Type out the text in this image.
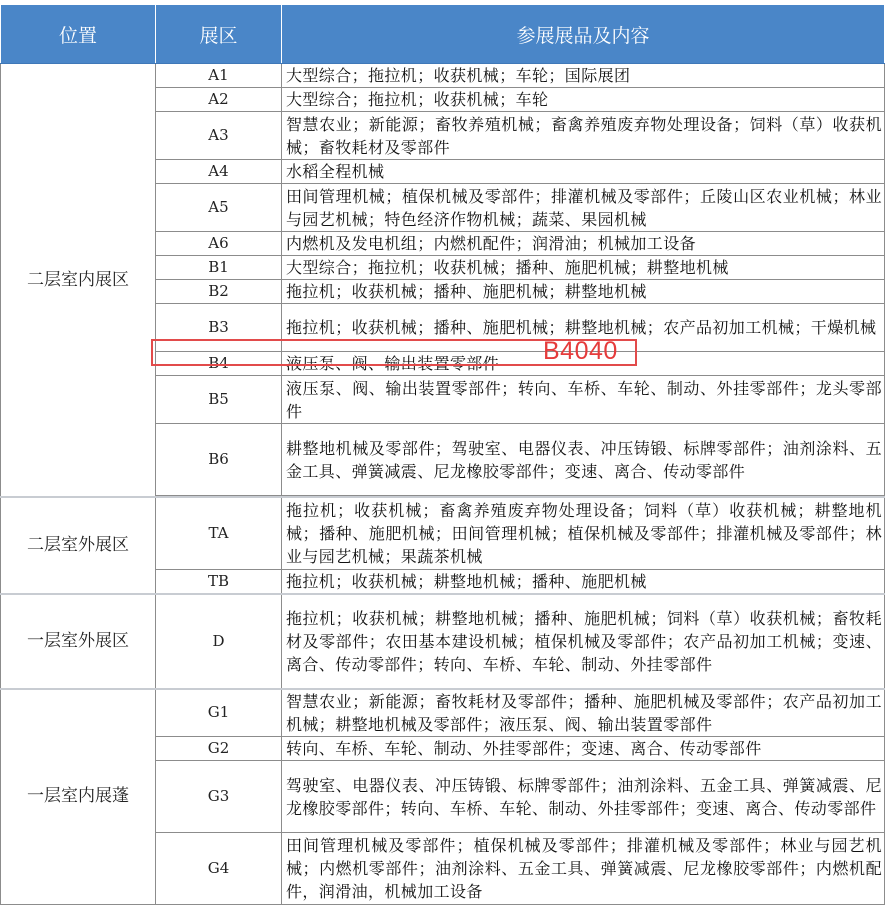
位置	展区	参展展品及内容
二层室内展区	A1	大型综合；拖拉机；收获机械；车轮；国际展团
	A2	大型综合；拖拉机；收获机械；车轮
	A3	智慧农业；新能源；畜牧养殖机械；畜禽养殖废弃物处理设备；饲料（草）收获机械；畜牧耗材及零部件
	A4	水稻全程机械
	A5	田间管理机械；植保机械及零部件；排灌机械及零部件；丘陵山区农业机械；林业与园艺机械；特色经济作物机械；蔬菜、果园机械
	A6	内燃机及发电机组；内燃机配件；润滑油；机械加工设备
	B1	大型综合；拖拉机；收获机械；播种、施肥机械；耕整地机械
	B2	拖拉机；收获机械；播种、施肥机械；耕整地机械
	B3	拖拉机；收获机械；播种、施肥机械；耕整地机械；农产品初加工机械；干燥机械
	B4	液压泵、阀、输出装置零部件
	B5	液压泵、阀、输出装置零部件；转向、车桥、车轮、制动、外挂零部件；龙头零部件
	B6	耕整地机械及零部件；驾驶室、电器仪表、冲压铸锻、标牌零部件；油剂涂料、五金工具、弹簧减震、尼龙橡胶零部件；变速、离合、传动零部件

二层室外展区	TA	拖拉机；收获机械；畜禽养殖废弃物处理设备；饲料（草）收获机械；耕整地机械；播种、施肥机械；田间管理机械；植保机械及零部件；排灌机械及零部件；林业与园艺机械；果蔬茶机械
	TB	拖拉机；收获机械；耕整地机械；播种、施肥机械
一层室外展区	D	拖拉机；收获机械；耕整地机械；播种、施肥机械；饲料（草）收获机械；畜牧耗材及零部件；农田基本建设机械；植保机械及零部件；农产品初加工机械；变速、离合、传动零部件；转向、车桥、车轮、制动、外挂零部件
一层室内展蓬	G1	智慧农业；新能源；畜牧耗材及零部件；播种、施肥机械及零部件；农产品初加工机械；耕整地机械及零部件；液压泵、阀、输出装置零部件
	G2	转向、车桥、车轮、制动、外挂零部件；变速、离合、传动零部件
	G3	驾驶室、电器仪表、冲压铸锻、标牌零部件；油剂涂料、五金工具、弹簧减震、尼龙橡胶零部件；转向、车桥、车轮、制动、外挂零部件；变速、离合、传动零部件
	G4	田间管理机械及零部件；植保机械及零部件；排灌机械及零部件；林业与园艺机械；内燃机零部件；油剂涂料、五金工具、弹簧减震、尼龙橡胶零部件；内燃机配件，润滑油，机械加工设备
B4040
